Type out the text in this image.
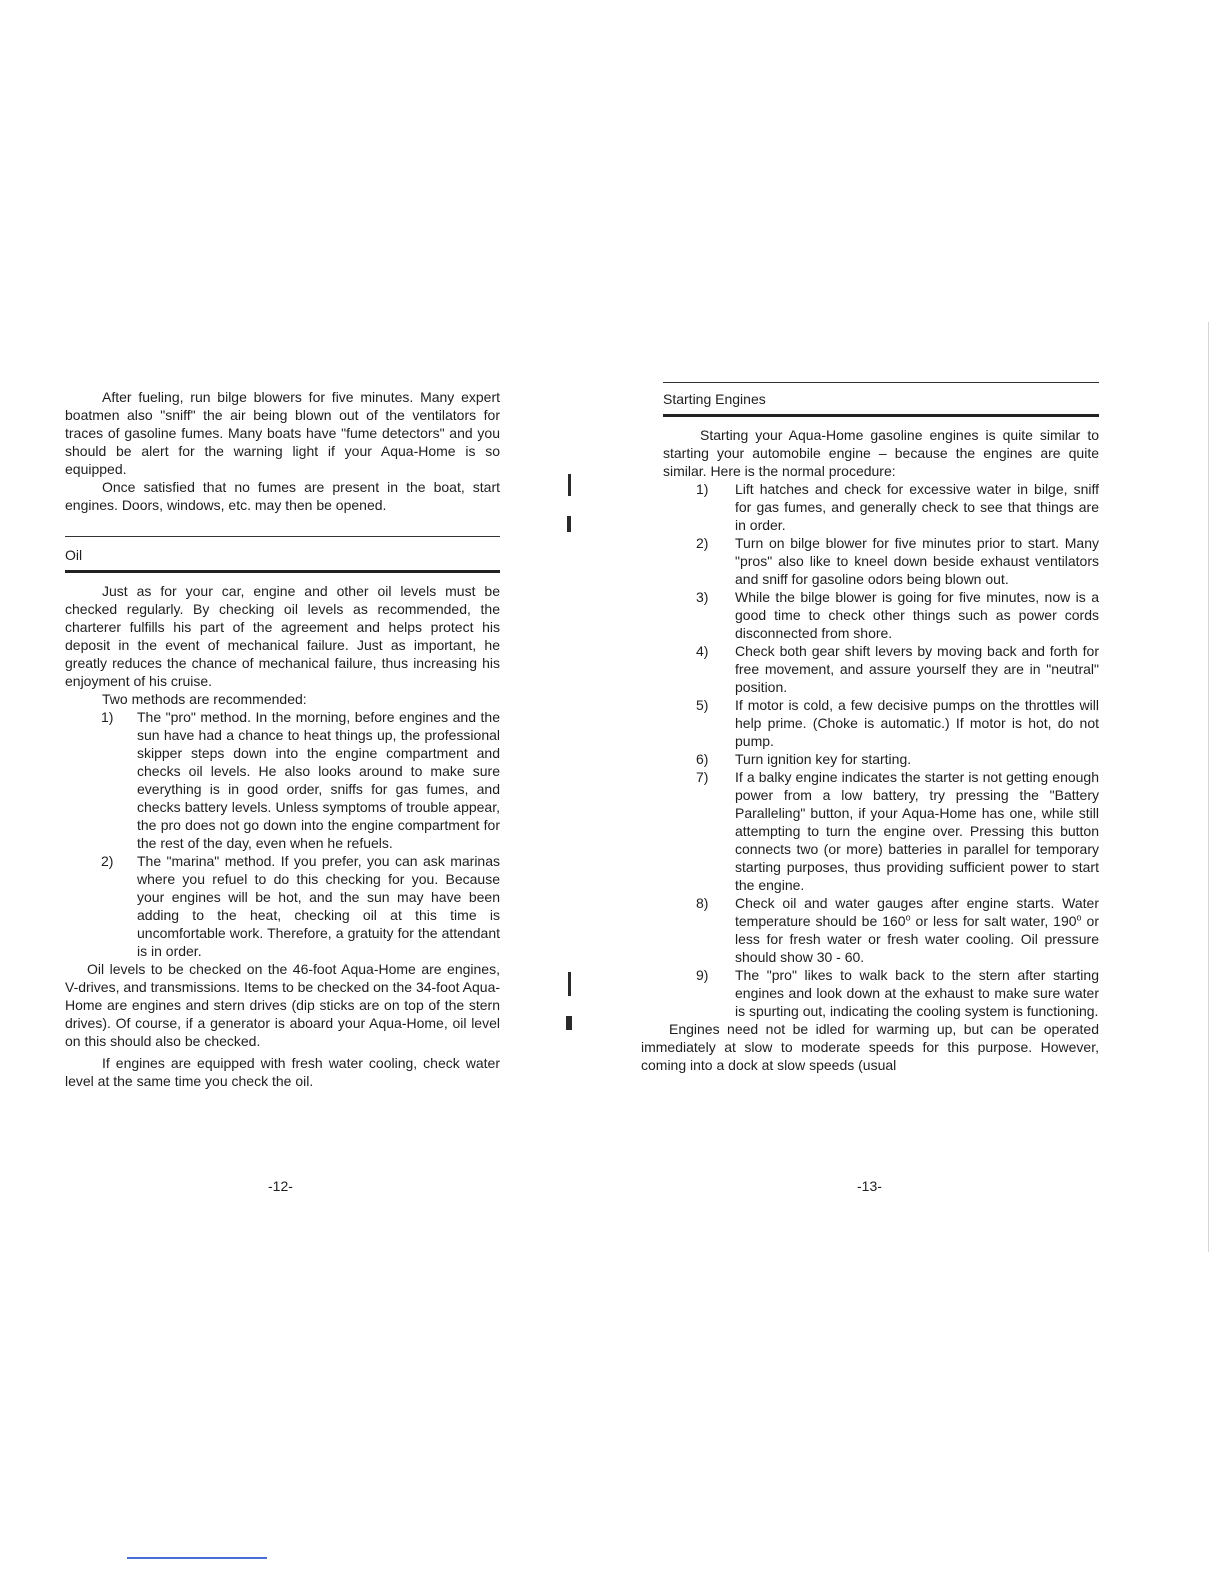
After fueling, run bilge blowers for five minutes. Many expert boatmen also "sniff" the air being blown out of the ventilators for traces of gasoline fumes. Many boats have "fume detectors" and you should be alert for the warning light if your Aqua-Home is so equipped.

Once satisfied that no fumes are present in the boat, start engines. Doors, windows, etc. may then be opened.

Oil

Just as for your car, engine and other oil levels must be checked regularly. By checking oil levels as recommended, the charterer fulfills his part of the agreement and helps protect his deposit in the event of mechanical failure. Just as important, he greatly reduces the chance of mechanical failure, thus increasing his enjoyment of his cruise.

Two methods are recommended:

1) The "pro" method. In the morning, before engines and the sun have had a chance to heat things up, the professional skipper steps down into the engine compartment and checks oil levels. He also looks around to make sure everything is in good order, sniffs for gas fumes, and checks battery levels. Unless symptoms of trouble appear, the pro does not go down into the engine compartment for the rest of the day, even when he refuels.
2) The "marina" method. If you prefer, you can ask marinas where you refuel to do this checking for you. Because your engines will be hot, and the sun may have been adding to the heat, checking oil at this time is uncomfortable work. Therefore, a gratuity for the attendant is in order.

Oil levels to be checked on the 46-foot Aqua-Home are engines, V-drives, and transmissions. Items to be checked on the 34-foot Aqua-Home are engines and stern drives (dip sticks are on top of the stern drives). Of course, if a generator is aboard your Aqua-Home, oil level on this should also be checked.

If engines are equipped with fresh water cooling, check water level at the same time you check the oil.

-12-
Starting Engines

Starting your Aqua-Home gasoline engines is quite similar to starting your automobile engine – because the engines are quite similar. Here is the normal procedure:

1) Lift hatches and check for excessive water in bilge, sniff for gas fumes, and generally check to see that things are in order.
2) Turn on bilge blower for five minutes prior to start. Many "pros" also like to kneel down beside exhaust ventilators and sniff for gasoline odors being blown out.
3) While the bilge blower is going for five minutes, now is a good time to check other things such as power cords disconnected from shore.
4) Check both gear shift levers by moving back and forth for free movement, and assure yourself they are in "neutral" position.
5) If motor is cold, a few decisive pumps on the throttles will help prime. (Choke is automatic.) If motor is hot, do not pump.
6) Turn ignition key for starting.
7) If a balky engine indicates the starter is not getting enough power from a low battery, try pressing the "Battery Paralleling" button, if your Aqua-Home has one, while still attempting to turn the engine over. Pressing this button connects two (or more) batteries in parallel for temporary starting purposes, thus providing sufficient power to start the engine.
8) Check oil and water gauges after engine starts. Water temperature should be 160$^o$ or less for salt water, 190$^o$ or less for fresh water or fresh water cooling. Oil pressure should show 30 - 60.
9) The "pro" likes to walk back to the stern after starting engines and look down at the exhaust to make sure water is spurting out, indicating the cooling system is functioning.

Engines need not be idled for warming up, but can be operated immediately at slow to moderate speeds for this purpose. However, coming into a dock at slow speeds (usual

-13-
